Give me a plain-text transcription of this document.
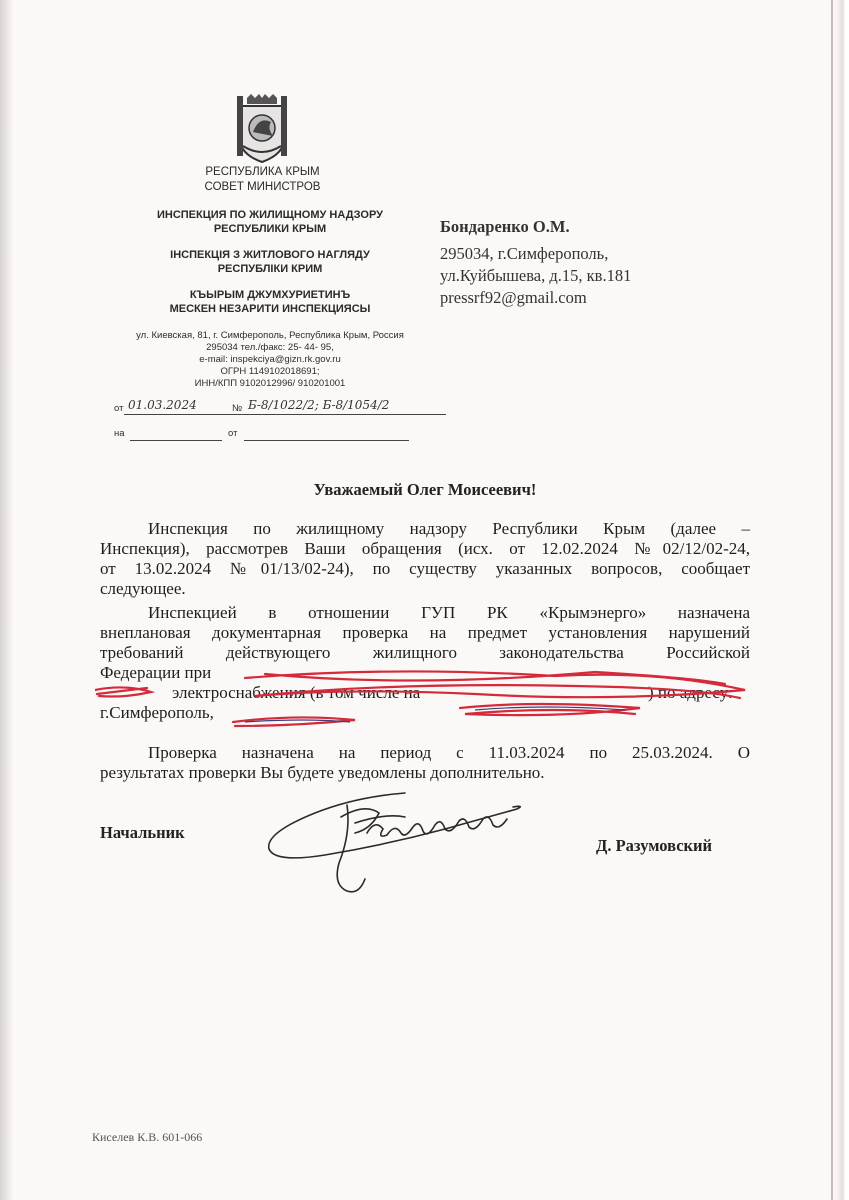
РЕСПУБЛИКА КРЫМ
СОВЕТ МИНИСТРОВ
ИНСПЕКЦИЯ ПО ЖИЛИЩНОМУ НАДЗОРУ
РЕСПУБЛИКИ КРЫМ
ІНСПЕКЦІЯ З ЖИТЛОВОГО НАГЛЯДУ
РЕСПУБЛІКИ КРИМ
КЪЫРЫМ ДЖУМХУРИЕТИНЪ
МЕСКЕН НЕЗАРИТИ ИНСПЕКЦИЯСЫ
ул. Киевская, 81, г. Симферополь, Республика Крым, Россия
295034 тел./факс: 25- 44- 95,
e-mail: inspekciya@gizn.rk.gov.ru
ОГРН 1149102018691;
ИНН/КПП 9102012996/ 910201001
от 01.03.2024	№ Б-8/1022/2; Б-8/1054/2
на	от
Бондаренко О.М.
295034, г.Симферополь,
ул.Куйбышева, д.15, кв.181
pressrf92@gmail.com
Уважаемый Олег Моисеевич!
Инспекция по жилищному надзору Республики Крым (далее –
Инспекция), рассмотрев Ваши обращения (исх. от 12.02.2024 №02/12/02-24,
от 13.02.2024 №01/13/02-24), по существу указанных вопросов, сообщает
следующее.
Инспекцией в отношении ГУП РК «Крымэнерго» назначена
внеплановая документарная проверка на предмет установления нарушений
требований действующего жилищного законодательства Российской
Федерации при
электроснабжения (в том числе на	) по адресу:
г.Симферополь,
Проверка назначена на период с 11.03.2024 по 25.03.2024. О
результатах проверки Вы будете уведомлены дополнительно.
Начальник
Д. Разумовский
Киселев К.В. 601-066
